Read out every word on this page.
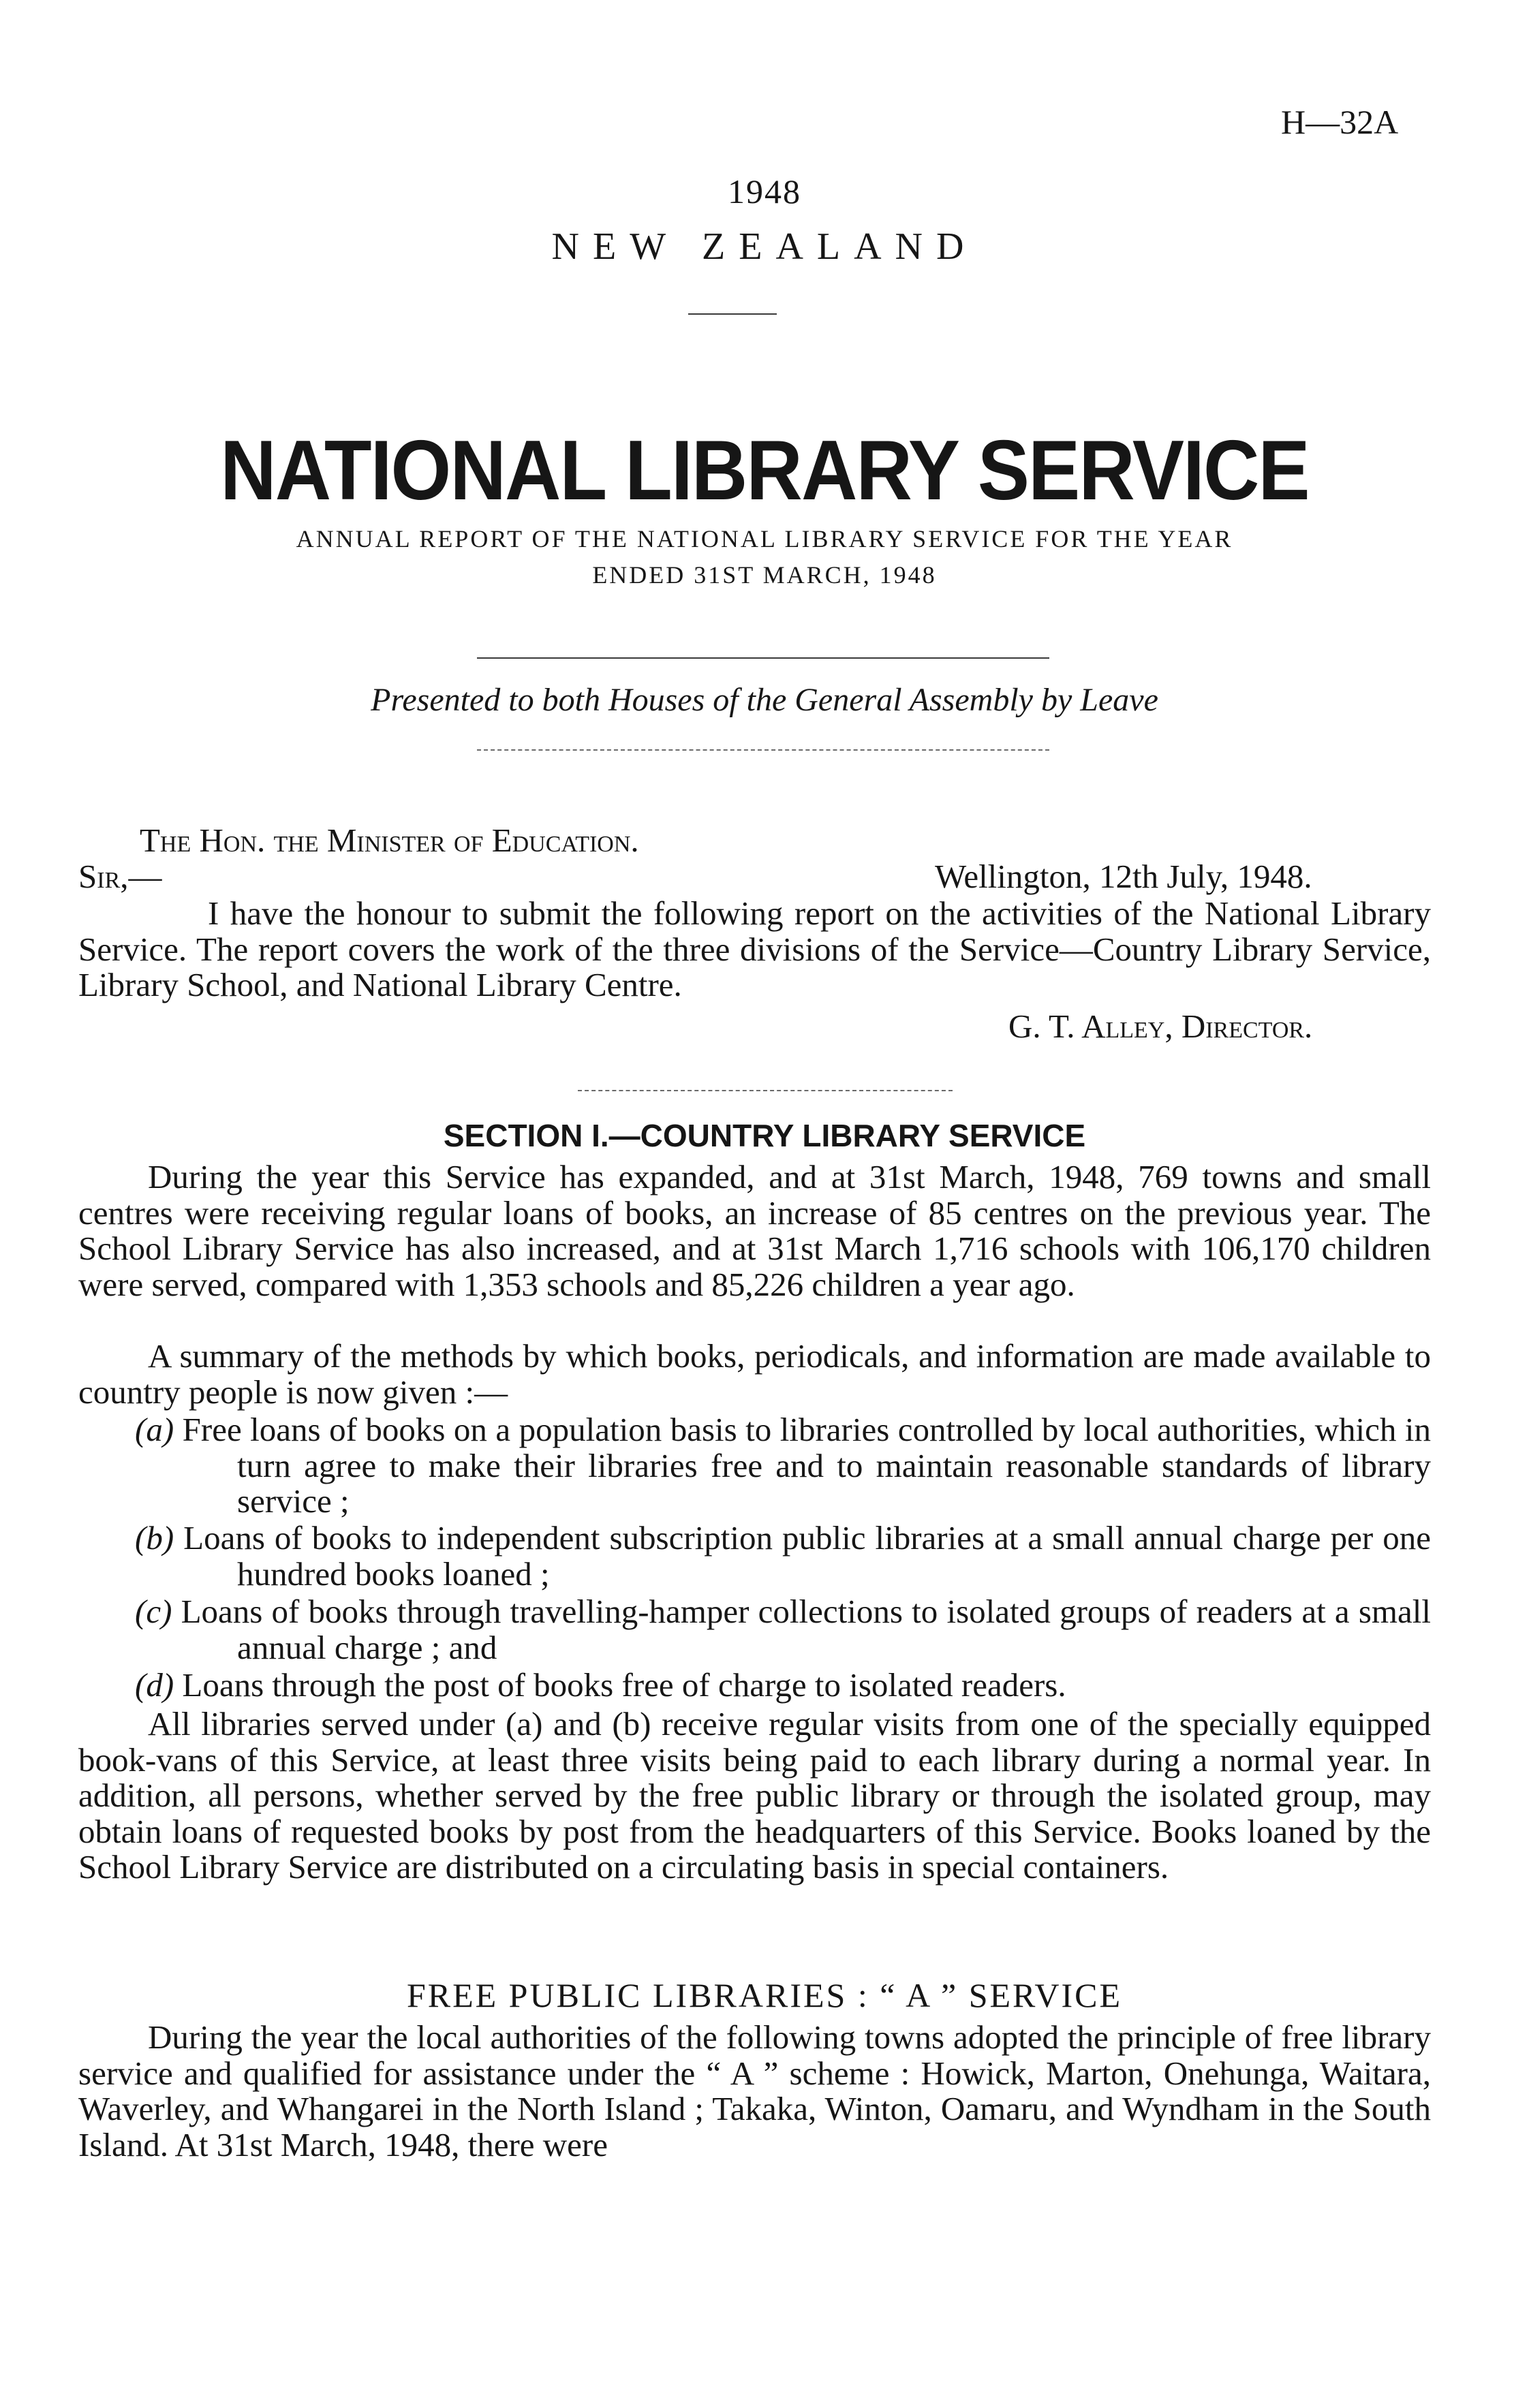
H—32A
1948
NEW ZEALAND
NATIONAL LIBRARY SERVICE
ANNUAL REPORT OF THE NATIONAL LIBRARY SERVICE FOR THE YEAR
ENDED 31ST MARCH, 1948
Presented to both Houses of the General Assembly by Leave
The Hon. the Minister of Education.
Sir,—	Wellington, 12th July, 1948.
I have the honour to submit the following report on the activities of the National Library Service. The report covers the work of the three divisions of the Service—Country Library Service, Library School, and National Library Centre.
G. T. Alley, Director.
SECTION I.—COUNTRY LIBRARY SERVICE
During the year this Service has expanded, and at 31st March, 1948, 769 towns and small centres were receiving regular loans of books, an increase of 85 centres on the previous year. The School Library Service has also increased, and at 31st March 1,716 schools with 106,170 children were served, compared with 1,353 schools and 85,226 children a year ago.
A summary of the methods by which books, periodicals, and information are made available to country people is now given :—
(a) Free loans of books on a population basis to libraries controlled by local authorities, which in turn agree to make their libraries free and to maintain reasonable standards of library service ;
(b) Loans of books to independent subscription public libraries at a small annual charge per one hundred books loaned ;
(c) Loans of books through travelling-hamper collections to isolated groups of readers at a small annual charge ; and
(d) Loans through the post of books free of charge to isolated readers.
All libraries served under (a) and (b) receive regular visits from one of the specially equipped book-vans of this Service, at least three visits being paid to each library during a normal year. In addition, all persons, whether served by the free public library or through the isolated group, may obtain loans of requested books by post from the headquarters of this Service. Books loaned by the School Library Service are distributed on a circulating basis in special containers.
FREE PUBLIC LIBRARIES : “ A ” SERVICE
During the year the local authorities of the following towns adopted the principle of free library service and qualified for assistance under the “ A ” scheme : Howick, Marton, Onehunga, Waitara, Waverley, and Whangarei in the North Island ; Takaka, Winton, Oamaru, and Wyndham in the South Island. At 31st March, 1948, there were
